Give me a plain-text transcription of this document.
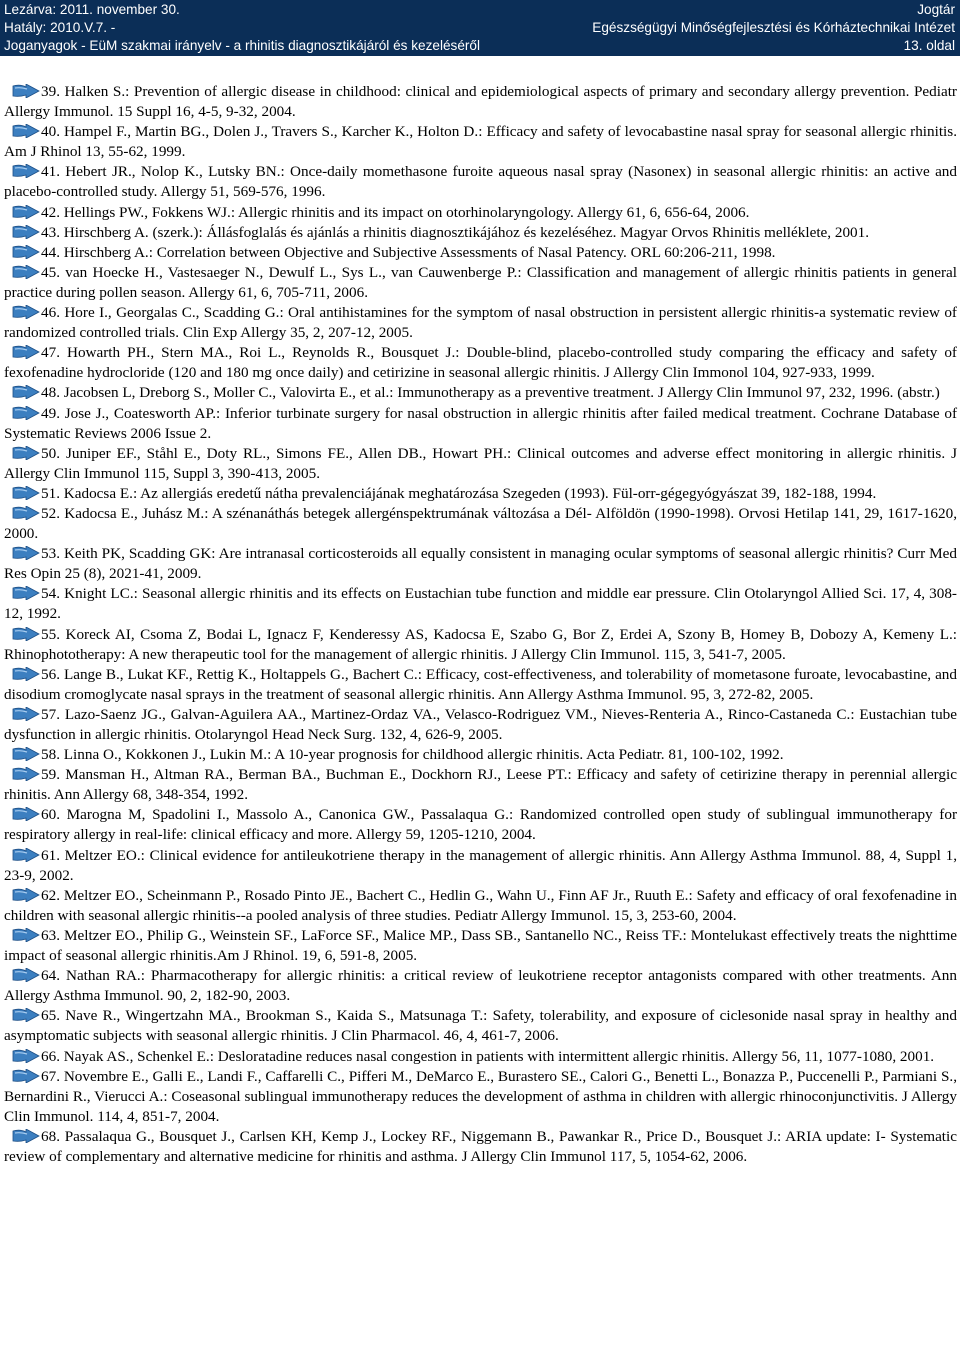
Lezárva: 2011. november 30.
Hatály: 2010.V.7. -
Joganyagok - EüM szakmai irányelv - a rhinitis diagnosztikájáról és kezeléséről
Jogtár
Egészségügyi Minőségfejlesztési és Kórháztechnikai Intézet
13. oldal

39. Halken S.: Prevention of allergic disease in childhood: clinical and epidemiological aspects of primary and secondary allergy prevention. Pediatr Allergy Immunol. 15 Suppl 16, 4-5, 9-32, 2004.

40. Hampel F., Martin BG., Dolen J., Travers S., Karcher K., Holton D.: Efficacy and safety of levocabastine nasal spray for seasonal allergic rhinitis. Am J Rhinol 13, 55-62, 1999.

41. Hebert JR., Nolop K., Lutsky BN.: Once-daily momethasone furoite aqueous nasal spray (Nasonex) in seasonal allergic rhinitis: an active and placebo-controlled study. Allergy 51, 569-576, 1996.

42. Hellings PW., Fokkens WJ.: Allergic rhinitis and its impact on otorhinolaryngology. Allergy 61, 6, 656-64, 2006.

43. Hirschberg A. (szerk.): Állásfoglalás és ajánlás a rhinitis diagnosztikájához és kezeléséhez. Magyar Orvos Rhinitis melléklete, 2001.

44. Hirschberg A.: Correlation between Objective and Subjective Assessments of Nasal Patency. ORL 60:206-211, 1998.

45. van Hoecke H., Vastesaeger N., Dewulf L., Sys L., van Cauwenberge P.: Classification and management of allergic rhinitis patients in general practice during pollen season. Allergy 61, 6, 705-711, 2006.

46. Hore I., Georgalas C., Scadding G.: Oral antihistamines for the symptom of nasal obstruction in persistent allergic rhinitis-a systematic review of randomized controlled trials. Clin Exp Allergy 35, 2, 207-12, 2005.

47. Howarth PH., Stern MA., Roi L., Reynolds R., Bousquet J.: Double-blind, placebo-controlled study comparing the efficacy and safety of fexofenadine hydrocloride (120 and 180 mg once daily) and cetirizine in seasonal allergic rhinitis. J Allergy Clin Immonol 104, 927-933, 1999.

48. Jacobsen L, Dreborg S., Moller C., Valovirta E., et al.: Immunotherapy as a preventive treatment. J Allergy Clin Immunol 97, 232, 1996. (abstr.)

49. Jose J., Coatesworth AP.: Inferior turbinate surgery for nasal obstruction in allergic rhinitis after failed medical treatment. Cochrane Database of Systematic Reviews 2006 Issue 2.

50. Juniper EF., Ståhl E., Doty RL., Simons FE., Allen DB., Howart PH.: Clinical outcomes and adverse effect monitoring in allergic rhinitis. J Allergy Clin Immunol 115, Suppl 3, 390-413, 2005.

51. Kadocsa E.: Az allergiás eredetű nátha prevalenciájának meghatározása Szegeden (1993). Fül-orr-gégegyógyászat 39, 182-188, 1994.

52. Kadocsa E., Juhász M.: A szénanáthás betegek allergénspektrumának változása a Dél- Alföldön (1990-1998). Orvosi Hetilap 141, 29, 1617-1620, 2000.

53. Keith PK, Scadding GK: Are intranasal corticosteroids all equally consistent in managing ocular symptoms of seasonal allergic rhinitis? Curr Med Res Opin 25 (8), 2021-41, 2009.

54. Knight LC.: Seasonal allergic rhinitis and its effects on Eustachian tube function and middle ear pressure. Clin Otolaryngol Allied Sci. 17, 4, 308-12, 1992.

55. Koreck AI, Csoma Z, Bodai L, Ignacz F, Kenderessy AS, Kadocsa E, Szabo G, Bor Z, Erdei A, Szony B, Homey B, Dobozy A, Kemeny L.: Rhinophototherapy: A new therapeutic tool for the management of allergic rhinitis. J Allergy Clin Immunol. 115, 3, 541-7, 2005.

56. Lange B., Lukat KF., Rettig K., Holtappels G., Bachert C.: Efficacy, cost-effectiveness, and tolerability of mometasone furoate, levocabastine, and disodium cromoglycate nasal sprays in the treatment of seasonal allergic rhinitis. Ann Allergy Asthma Immunol. 95, 3, 272-82, 2005.

57. Lazo-Saenz JG., Galvan-Aguilera AA., Martinez-Ordaz VA., Velasco-Rodriguez VM., Nieves-Renteria A., Rinco-Castaneda C.: Eustachian tube dysfunction in allergic rhinitis. Otolaryngol Head Neck Surg. 132, 4, 626-9, 2005.

58. Linna O., Kokkonen J., Lukin M.: A 10-year prognosis for childhood allergic rhinitis. Acta Pediatr. 81, 100-102, 1992.

59. Mansman H., Altman RA., Berman BA., Buchman E., Dockhorn RJ., Leese PT.: Efficacy and safety of cetirizine therapy in perennial allergic rhinitis. Ann Allergy 68, 348-354, 1992.

60. Marogna M, Spadolini I., Massolo A., Canonica GW., Passalaqua G.: Randomized controlled open study of sublingual immunotherapy for respiratory allergy in real-life: clinical efficacy and more. Allergy 59, 1205-1210, 2004.

61. Meltzer EO.: Clinical evidence for antileukotriene therapy in the management of allergic rhinitis. Ann Allergy Asthma Immunol. 88, 4, Suppl 1, 23-9, 2002.

62. Meltzer EO., Scheinmann P., Rosado Pinto JE., Bachert C., Hedlin G., Wahn U., Finn AF Jr., Ruuth E.: Safety and efficacy of oral fexofenadine in children with seasonal allergic rhinitis--a pooled analysis of three studies. Pediatr Allergy Immunol. 15, 3, 253-60, 2004.

63. Meltzer EO., Philip G., Weinstein SF., LaForce SF., Malice MP., Dass SB., Santanello NC., Reiss TF.: Montelukast effectively treats the nighttime impact of seasonal allergic rhinitis.Am J Rhinol. 19, 6, 591-8, 2005.

64. Nathan RA.: Pharmacotherapy for allergic rhinitis: a critical review of leukotriene receptor antagonists compared with other treatments. Ann Allergy Asthma Immunol. 90, 2, 182-90, 2003.

65. Nave R., Wingertzahn MA., Brookman S., Kaida S., Matsunaga T.: Safety, tolerability, and exposure of ciclesonide nasal spray in healthy and asymptomatic subjects with seasonal allergic rhinitis. J Clin Pharmacol. 46, 4, 461-7, 2006.

66. Nayak AS., Schenkel E.: Desloratadine reduces nasal congestion in patients with intermittent allergic rhinitis. Allergy 56, 11, 1077-1080, 2001.

67. Novembre E., Galli E., Landi F., Caffarelli C., Pifferi M., DeMarco E., Burastero SE., Calori G., Benetti L., Bonazza P., Puccenelli P., Parmiani S., Bernardini R., Vierucci A.: Coseasonal sublingual immunotherapy reduces the development of asthma in children with allergic rhinoconjunctivitis. J Allergy Clin Immunol. 114, 4, 851-7, 2004.

68. Passalaqua G., Bousquet J., Carlsen KH, Kemp J., Lockey RF., Niggemann B., Pawankar R., Price D., Bousquet J.: ARIA update: I- Systematic review of complementary and alternative medicine for rhinitis and asthma. J Allergy Clin Immunol 117, 5, 1054-62, 2006.
